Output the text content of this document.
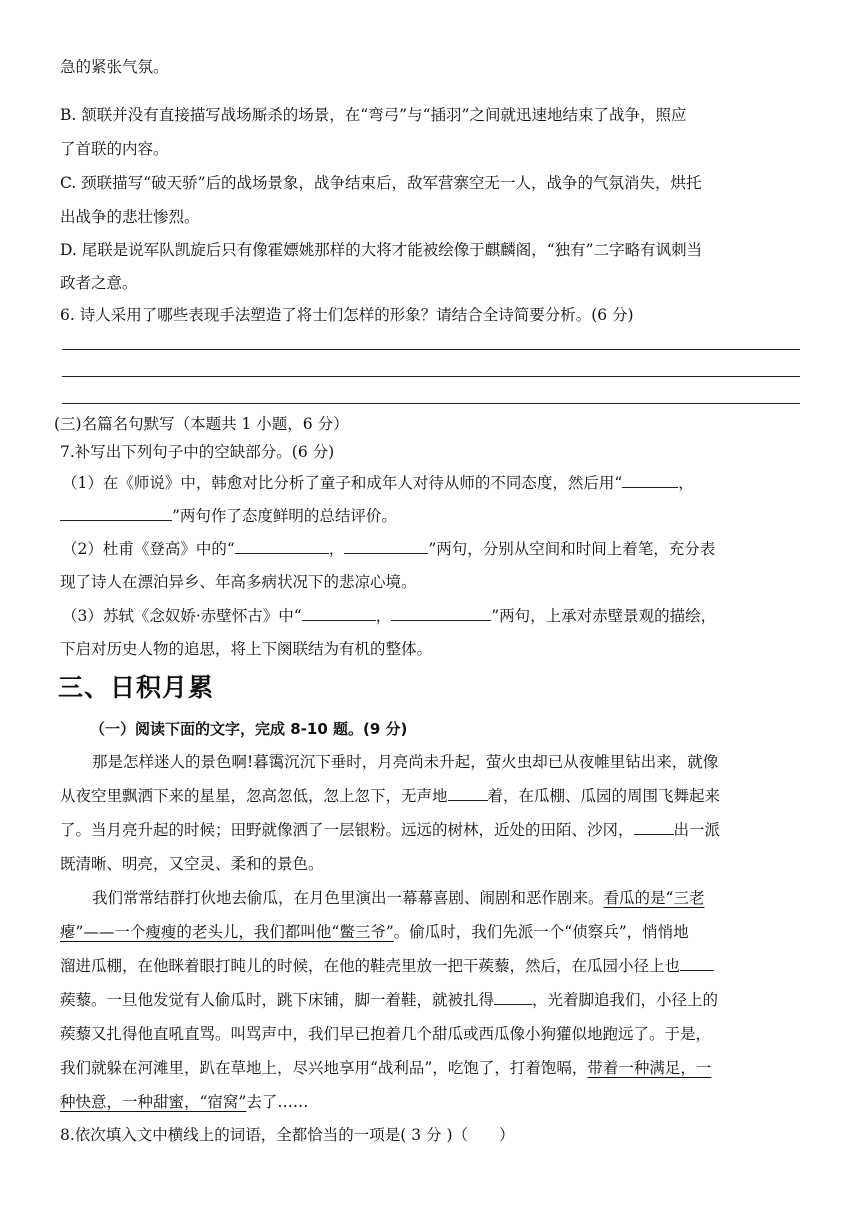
急的紧张气氛。

B. 颔联并没有直接描写战场厮杀的场景，在“弯弓”与“插羽”之间就迅速地结束了战争，照应

了首联的内容。

C. 颈联描写“破天骄”后的战场景象，战争结束后，敌军营寨空无一人，战争的气氛消失，烘托

出战争的悲壮惨烈。

D. 尾联是说军队凯旋后只有像霍嫖姚那样的大将才能被绘像于麒麟阁，“独有”二字略有讽刺当

政者之意。

6. 诗人采用了哪些表现手法塑造了将士们怎样的形象？请结合全诗简要分析。(6 分)

(三)名篇名句默写（本题共 1 小题，6 分）

7.补写出下列句子中的空缺部分。(6 分)

（1）在《师说》中，韩愈对比分析了童子和成年人对待从师的不同态度，然后用“	，

”两句作了态度鲜明的总结评价。

（2）杜甫《登高》中的“	，	”两句，分别从空间和时间上着笔，充分表

现了诗人在漂泊异乡、年高多病状况下的悲凉心境。

（3）苏轼《念奴娇·赤壁怀古》中“	，	”两句，上承对赤壁景观的描绘，

下启对历史人物的追思，将上下阕联结为有机的整体。

三、日积月累

（一）阅读下面的文字，完成 8-10 题。(9 分)

那是怎样迷人的景色啊!暮霭沉沉下垂时，月亮尚未升起，萤火虫却已从夜帷里钻出来，就像

从夜空里飘洒下来的星星，忽高忽低，忽上忽下，无声地	着，在瓜棚、瓜园的周围飞舞起来

了。当月亮升起的时候；田野就像洒了一层银粉。远远的树林，近处的田陌、沙冈，	出一派

既清晰、明亮，又空灵、柔和的景色。

我们常常结群打伙地去偷瓜，在月色里演出一幕幕喜剧、闹剧和恶作剧来。看瓜的是“三老

瘪”——一个瘦瘦的老头儿，我们都叫他“鳖三爷”。偷瓜时，我们先派一个“侦察兵”，悄悄地

溜进瓜棚，在他眯着眼打盹儿的时候，在他的鞋壳里放一把干蒺藜，然后，在瓜园小径上也

蒺藜。一旦他发觉有人偷瓜时，跳下床铺，脚一着鞋，就被扎得 ，光着脚追我们，小径上的

蒺藜又扎得他直吼直骂。叫骂声中，我们早已抱着几个甜瓜或西瓜像小狗獾似地跑远了。于是，

我们就躲在河滩里，趴在草地上，尽兴地享用“战利品”，吃饱了，打着饱嗝，带着一种满足，一

种快意，一种甜蜜，“宿窝”去了……

8.依次填入文中横线上的词语，全都恰当的一项是( 3 分 )（　　）
